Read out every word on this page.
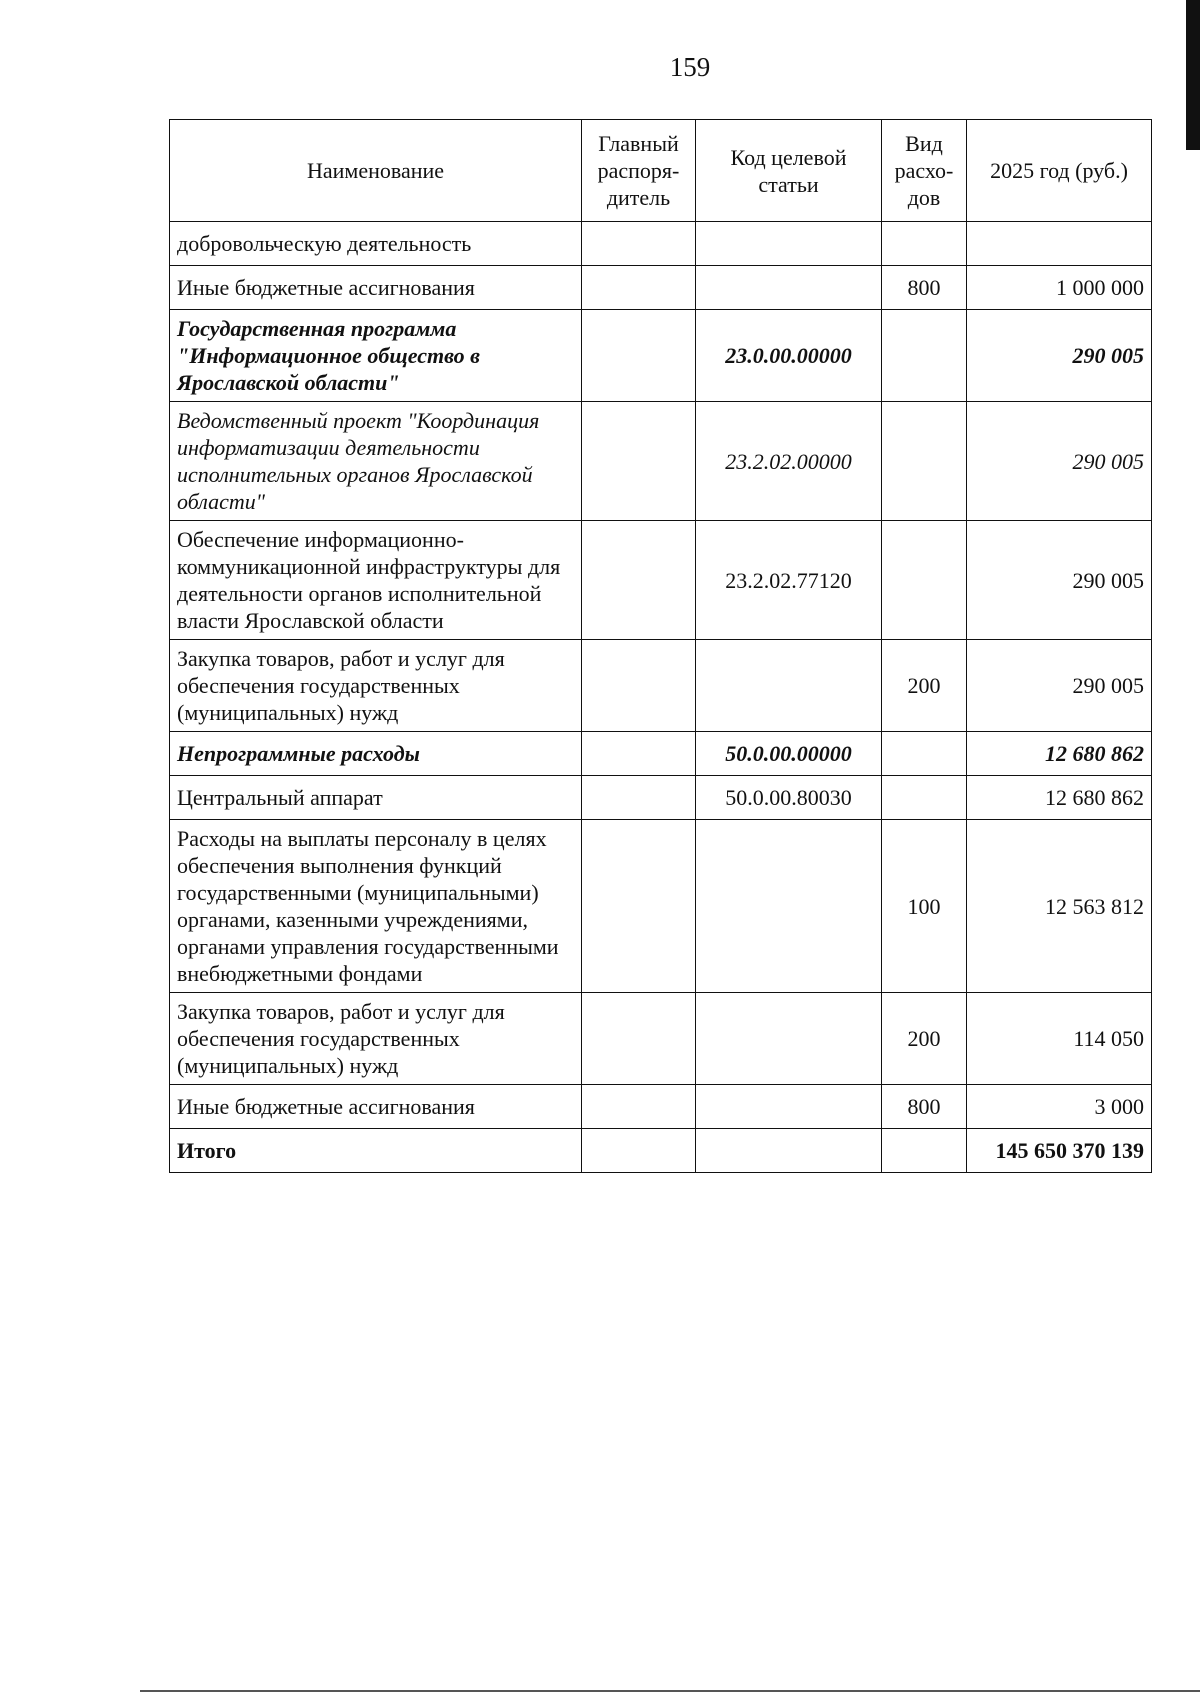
159
Наименование	Главный распоря-дитель	Код целевой статьи	Вид расхо-дов	2025 год (руб.)
добровольческую деятельность				
Иные бюджетные ассигнования			800	1 000 000
Государственная программа "Информационное общество в Ярославской области"		23.0.00.00000		290 005
Ведомственный проект "Координация информатизации деятельности исполнительных органов Ярославской области"		23.2.02.00000		290 005
Обеспечение информационно-коммуникационной инфраструктуры для деятельности органов исполнительной власти Ярославской области		23.2.02.77120		290 005
Закупка товаров, работ и услуг для обеспечения государственных (муниципальных) нужд			200	290 005
Непрограммные расходы		50.0.00.00000		12 680 862
Центральный аппарат		50.0.00.80030		12 680 862
Расходы на выплаты персоналу в целях обеспечения выполнения функций государственными (муниципальными) органами, казенными учреждениями, органами управления государственными внебюджетными фондами			100	12 563 812
Закупка товаров, работ и услуг для обеспечения государственных (муниципальных) нужд			200	114 050
Иные бюджетные ассигнования			800	3 000
Итого				145 650 370 139
